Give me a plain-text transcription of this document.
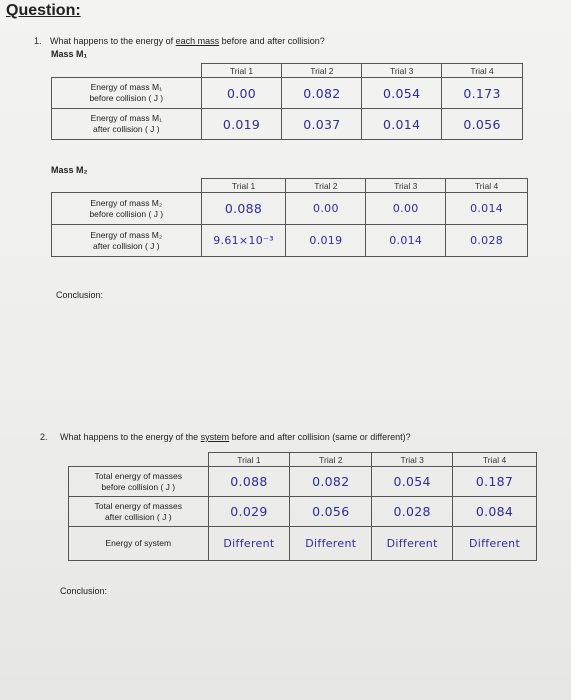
Question:
1. What happens to the energy of each mass before and after collision?
Mass M₁
	Trial 1	Trial 2	Trial 3	Trial 4

Energy of mass M₁
before collision ( J )	0.00	0.082	0.054	0.173

Energy of mass M₁
after collision ( J )	0.019	0.037	0.014	0.056
Mass M₂
	Trial 1	Trial 2	Trial 3	Trial 4

Energy of mass M₂
before collision ( J )	0.088	0.00	0.00	0.014

Energy of mass M₂
after collision ( J )	9.61×10⁻³	0.019	0.014	0.028
Conclusion:
2. What happens to the energy of the system before and after collision (same or different)?
	Trial 1	Trial 2	Trial 3	Trial 4

Total energy of masses
before collision ( J )	0.088	0.082	0.054	0.187

Total energy of masses
after collision ( J )	0.029	0.056	0.028	0.084
Energy of system	Different	Different	Different	Different
Conclusion:
